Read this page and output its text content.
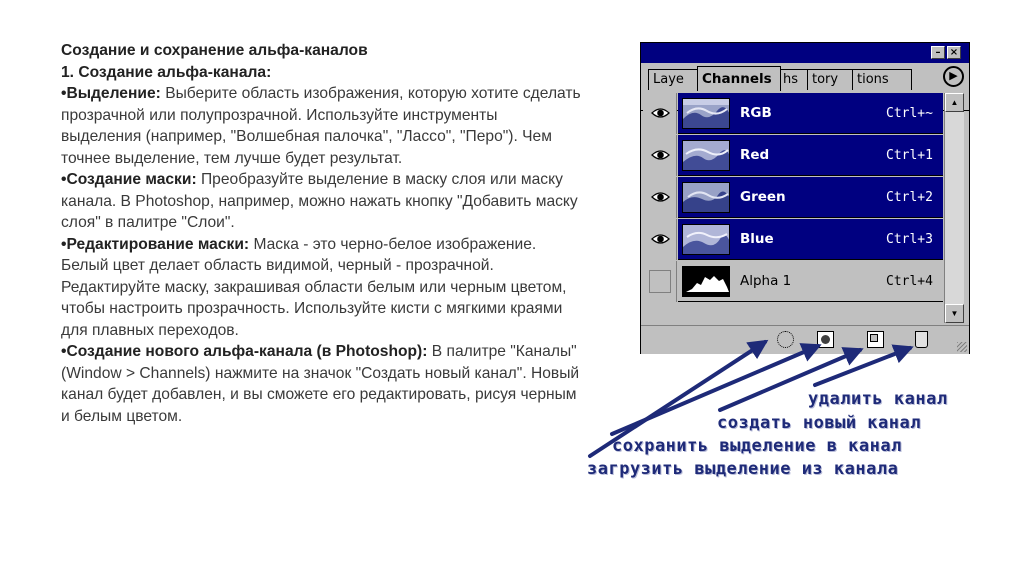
Создание и сохранение альфа-каналов
1. Создание альфа-канала:
•Выделение: Выберите область изображения, которую хотите сделать прозрачной или полупрозрачной. Используйте инструменты выделения (например, "Волшебная палочка", "Лассо", "Перо"). Чем точнее выделение, тем лучше будет результат.
•Создание маски: Преобразуйте выделение в маску слоя или маску канала. В Photoshop, например, можно нажать кнопку "Добавить маску слоя" в палитре "Слои".
•Редактирование маски: Маска - это черно-белое изображение. Белый цвет делает область видимой, черный - прозрачной. Редактируйте маску, закрашивая области белым или черным цветом, чтобы настроить прозрачность. Используйте кисти с мягкими краями для плавных переходов.
•Создание нового альфа-канала (в Photoshop): В палитре "Каналы" (Window > Channels) нажмите на значок "Создать новый канал". Новый канал будет добавлен, и вы сможете его редактировать, рисуя черным и белым цветом.
– ×
Laye	hs	tory	tions
Channels	▶
RGB	Ctrl+~
Red	Ctrl+1
Green	Ctrl+2
Blue	Ctrl+3
Alpha 1	Ctrl+4
▲
▼
удалить канал
создать новый канал
сохранить выделение в канал
загрузить выделение из канала
